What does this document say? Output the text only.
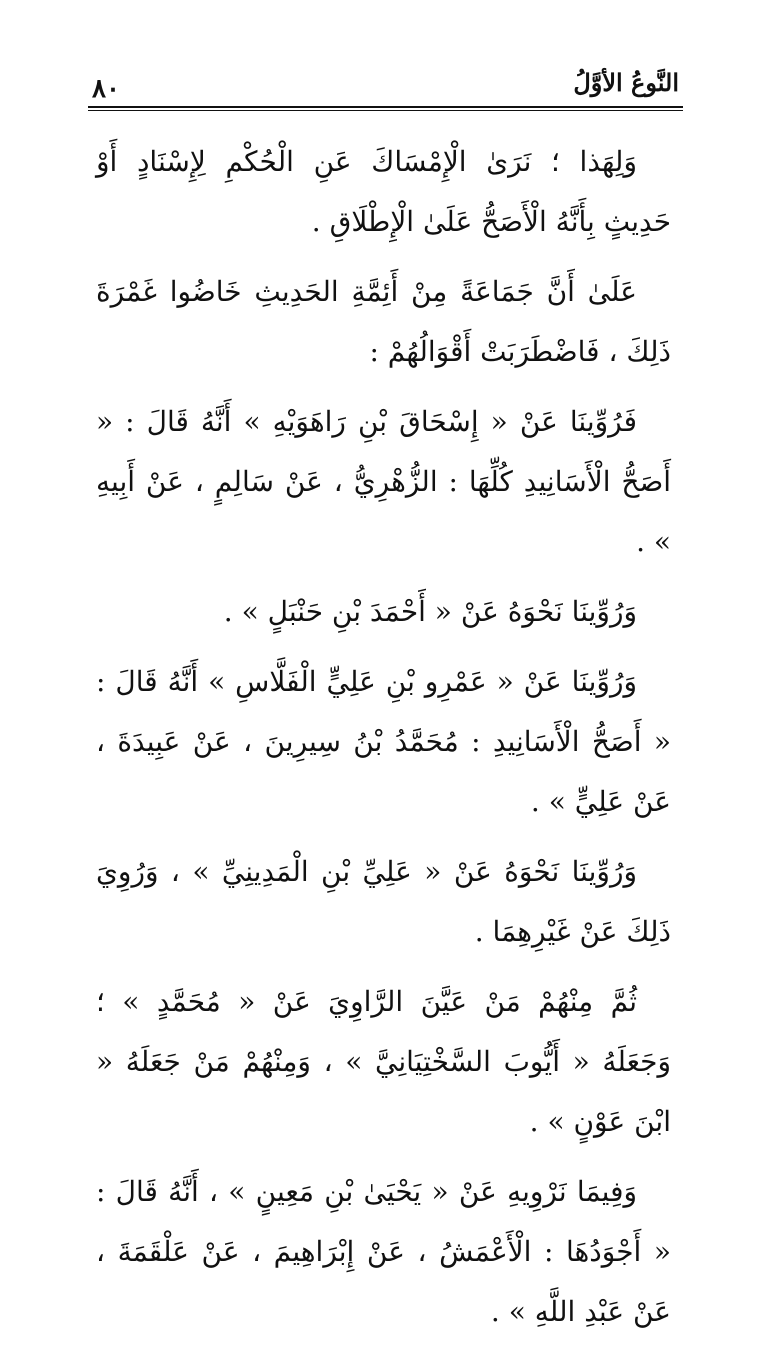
٨٠	النَّوعُ الأوَّلُ

وَلِهَذا ؛ نَرَىٰ الْإِمْسَاكَ عَنِ الْحُكْمِ لِإِسْنَادٍ أَوْ حَدِيثٍ بِأَنَّهُ الْأَصَحُّ عَلَىٰ الْإِطْلَاقِ .

عَلَىٰ أَنَّ جَمَاعَةً مِنْ أَئِمَّةِ الحَدِيثِ خَاضُوا غَمْرَةَ ذَلِكَ ، فَاضْطَرَبَتْ أَقْوَالُهُمْ :

فَرُوِّينَا عَنْ « إِسْحَاقَ بْنِ رَاهَوَيْهِ » أَنَّهُ قَالَ : « أَصَحُّ الْأَسَانِيدِ كُلِّهَا : الزُّهْرِيُّ ، عَنْ سَالِمٍ ، عَنْ أَبِيهِ » .

وَرُوِّينَا نَحْوَهُ عَنْ « أَحْمَدَ بْنِ حَنْبَلٍ » .

وَرُوِّينَا عَنْ « عَمْرِو بْنِ عَلِيٍّ الْفَلَّاسِ » أَنَّهُ قَالَ : « أَصَحُّ الْأَسَانِيدِ : مُحَمَّدُ بْنُ سِيرِينَ ، عَنْ عَبِيدَةَ ، عَنْ عَلِيٍّ » .

وَرُوِّينَا نَحْوَهُ عَنْ « عَلِيِّ بْنِ الْمَدِينِيِّ » ، وَرُوِيَ ذَلِكَ عَنْ غَيْرِهِمَا .

ثُمَّ مِنْهُمْ مَنْ عَيَّنَ الرَّاوِيَ عَنْ « مُحَمَّدٍ » ؛ وَجَعَلَهُ « أَيُّوبَ السَّخْتِيَانِيَّ » ، وَمِنْهُمْ مَنْ جَعَلَهُ « ابْنَ عَوْنٍ » .

وَفِيمَا نَرْوِيهِ عَنْ « يَحْيَىٰ بْنِ مَعِينٍ » ، أَنَّهُ قَالَ : « أَجْوَدُهَا : الْأَعْمَشُ ، عَنْ إِبْرَاهِيمَ ، عَنْ عَلْقَمَةَ ، عَنْ عَبْدِ اللَّهِ » .
